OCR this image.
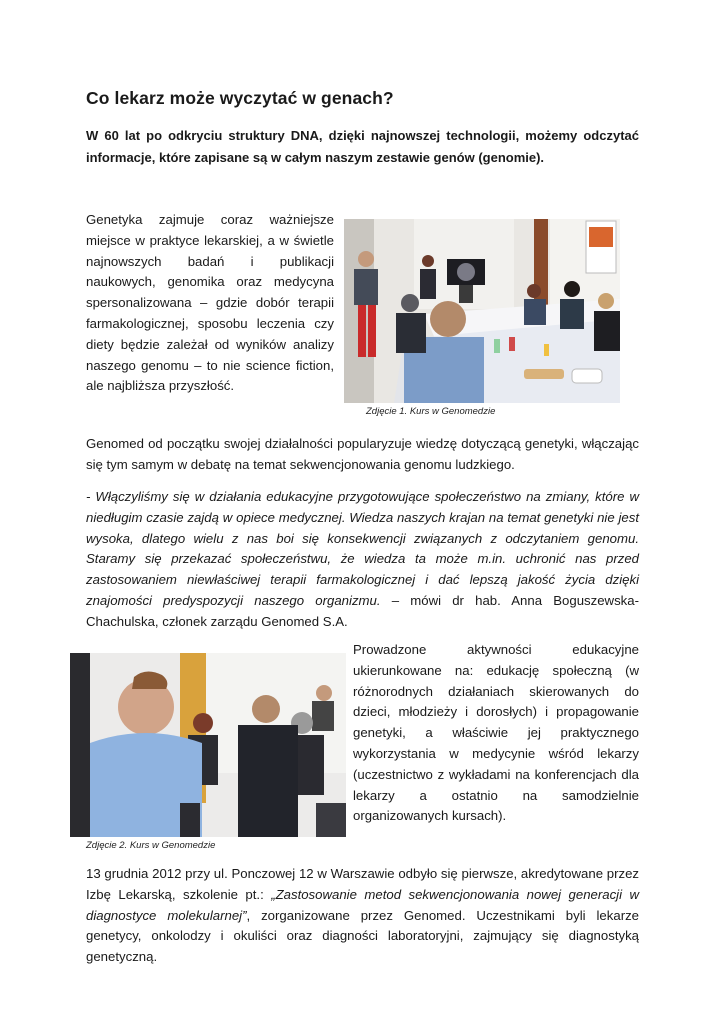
Co lekarz może wyczytać w genach?

W 60 lat po odkryciu struktury DNA, dzięki najnowszej technologii, możemy odczytać informacje, które zapisane są w całym naszym zestawie genów (genomie).

Genetyka zajmuje coraz ważniejsze miejsce w praktyce lekarskiej, a w świetle najnowszych badań i publikacji naukowych, genomika oraz medycyna spersonalizowana – gdzie dobór terapii farmakologicznej, sposobu leczenia czy diety będzie zależał od wyników analizy naszego genomu – to nie science fiction, ale najbliższa przyszłość.

Zdjęcie 1. Kurs w Genomedzie

Genomed od początku swojej działalności popularyzuje wiedzę dotyczącą genetyki, włączając się tym samym w debatę na temat sekwencjonowania genomu ludzkiego.

- Włączyliśmy się w działania edukacyjne przygotowujące społeczeństwo na zmiany, które w niedługim czasie zajdą w opiece medycznej. Wiedza naszych krajan na temat genetyki nie jest wysoka, dlatego wielu z nas boi się konsekwencji związanych z odczytaniem genomu. Staramy się przekazać społeczeństwu, że wiedza ta może m.in. uchronić nas przed zastosowaniem niewłaściwej terapii farmakologicznej i dać lepszą jakość życia dzięki znajomości predyspozycji naszego organizmu. – mówi dr hab. Anna Boguszewska-Chachulska, członek zarządu Genomed S.A.

Zdjęcie 2. Kurs w Genomedzie

Prowadzone aktywności edukacyjne ukierunkowane na: edukację społeczną (w różnorodnych działaniach skierowanych do dzieci, młodzieży i dorosłych) i propagowanie genetyki, a właściwie jej praktycznego wykorzystania w medycynie wśród lekarzy (uczestnictwo z wykładami na konferencjach dla lekarzy a ostatnio na samodzielnie organizowanych kursach).

13 grudnia 2012 przy ul. Ponczowej 12 w Warszawie odbyło się pierwsze, akredytowane przez Izbę Lekarską, szkolenie pt.: „Zastosowanie metod sekwencjonowania nowej generacji w diagnostyce molekularnej”, zorganizowane przez Genomed. Uczestnikami byli lekarze genetycy, onkolodzy i okuliści oraz diagności laboratoryjni, zajmujący się diagnostyką genetyczną.
